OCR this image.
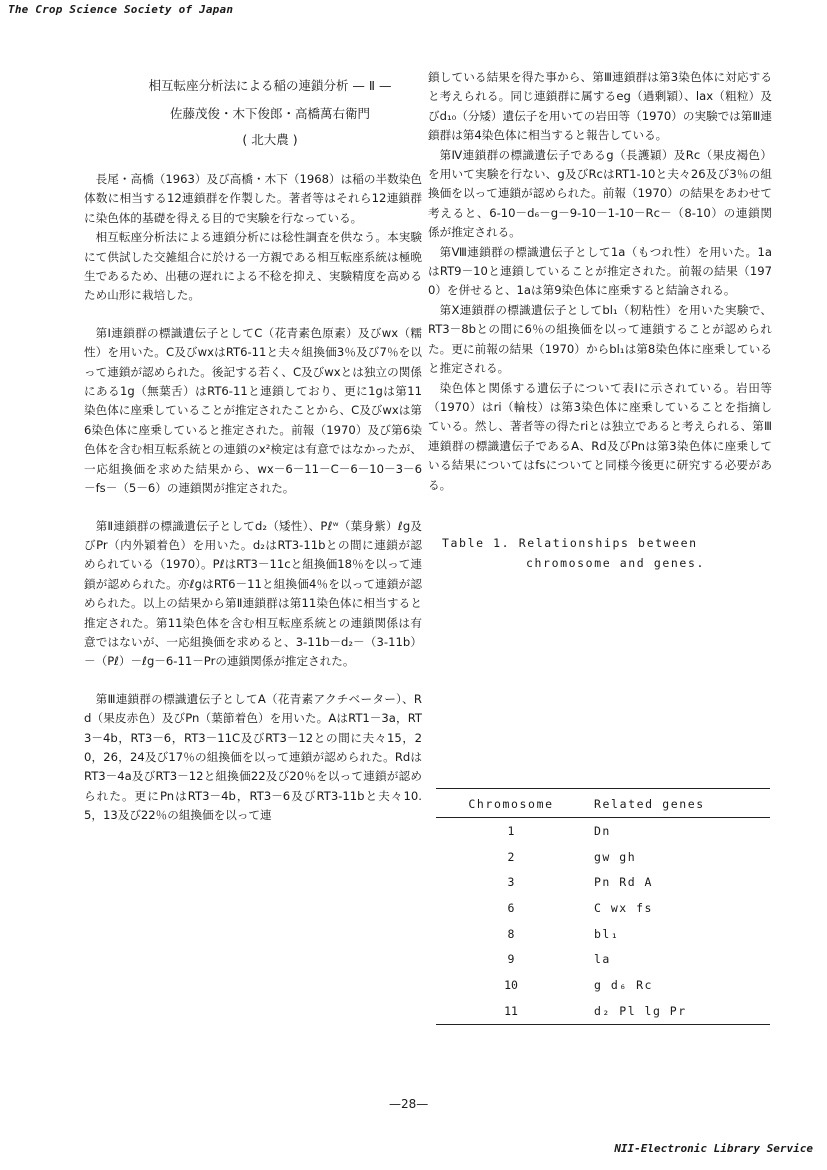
The Crop Science Society of Japan
相互転座分析法による稲の連鎖分析 — Ⅱ —
佐藤茂俊・木下俊郎・高橋萬右衛門
( 北大農 )

長尾・高橋（1963）及び高橋・木下（1968）は稲の半数染色体数に相当する12連鎖群を作製した。著者等はそれら12連鎖群に染色体的基礎を得える目的で実験を行なっている。

相互転座分析法による連鎖分析には稔性調査を供なう。本実験にて供試した交雑組合に於ける一方親である相互転座系統は極晩生であるため、出穂の遅れによる不稔を抑え、実験精度を高めるため山形に栽培した。

第Ⅰ連鎖群の標識遺伝子としてC（花青素色原素）及びwx（糯性）を用いた。C及びwxはRT6-11と夫々組換価3％及び7％を以って連鎖が認められた。後記する若く、C及びwxとは独立の関係にある1g（無葉舌）はRT6-11と連鎖しており、更に1gは第11染色体に座乗していることが推定されたことから、C及びwxは第6染色体に座乗していると推定された。前報（1970）及び第6染色体を含む相互転系統との連鎖のx²検定は有意ではなかったが、一応組換価を求めた結果から、wx－6－11－C－6－10－3－6－fs－（5－6）の連鎖関が推定された。

第Ⅱ連鎖群の標識遺伝子としてd₂（矮性）、Pℓʷ（葉身紫）ℓg及びPr（内外穎着色）を用いた。d₂はRT3-11bとの間に連鎖が認められている（1970）。PℓはRT3－11cと組換価18％を以って連鎖が認められた。亦ℓgはRT6－11と組換価4％を以って連鎖が認められた。以上の結果から第Ⅱ連鎖群は第11染色体に相当すると推定された。第11染色体を含む相互転座系統との連鎖関係は有意ではないが、一応組換価を求めると、3-11b－d₂－（3-11b）－（Pℓ）－ℓg－6-11－Prの連鎖関係が推定された。

第Ⅲ連鎖群の標識遺伝子としてA（花青素アクチベーター）、Rd（果皮赤色）及びPn（葉節着色）を用いた。AはRT1－3a，RT3－4b，RT3－6，RT3－11C及びRT3－12との間に夫々15，20，26，24及び17％の組換価を以って連鎖が認められた。RdはRT3－4a及びRT3－12と組換価22及び20％を以って連鎖が認められた。更にPnはRT3－4b，RT3－6及びRT3-11bと夫々10.5，13及び22％の組換価を以って連

鎖している結果を得た事から、第Ⅲ連鎖群は第3染色体に対応すると考えられる。同じ連鎖群に属するeg（過剰穎）、lax（粗粒）及びd₁₀（分矮）遺伝子を用いての岩田等（1970）の実験では第Ⅲ連鎖群は第4染色体に相当すると報告している。

第Ⅳ連鎖群の標識遺伝子であるg（長護穎）及Rc（果皮褐色）を用いて実験を行ない、g及びRcはRT1-10と夫々26及び3％の組換価を以って連鎖が認められた。前報（1970）の結果をあわせて考えると、6-10－d₆－g－9-10－1-10－Rc－（8-10）の連鎖関係が推定される。

第Ⅷ連鎖群の標識遺伝子として1a（もつれ性）を用いた。1aはRT9－10と連鎖していることが推定された。前報の結果（1970）を併せると、1aは第9染色体に座乗すると結論される。

第Ⅹ連鎖群の標識遺伝子としてbl₁（籾粘性）を用いた実験で、RT3－8bとの間に6％の組換価を以って連鎖することが認められた。更に前報の結果（1970）からbl₁は第8染色体に座乗していると推定される。

染色体と関係する遺伝子について表Ⅰに示されている。岩田等（1970）はri（輪枝）は第3染色体に座乗していることを指摘している。然し、著者等の得たriとは独立であると考えられる、第Ⅲ連鎖群の標識遺伝子であるA、Rd及びPnは第3染色体に座乗している結果についてはfsについてと同様今後更に研究する必要がある。

Table 1. Relationships between
chromosome and genes.
Chromosome	Related genes
1	Dn
2	gw gh
3	Pn Rd A
6	C wx fs
8	bl₁
9	la
10	g d₆ Rc
11	d₂ Pl lg Pr
—28—
NII-Electronic Library Service
